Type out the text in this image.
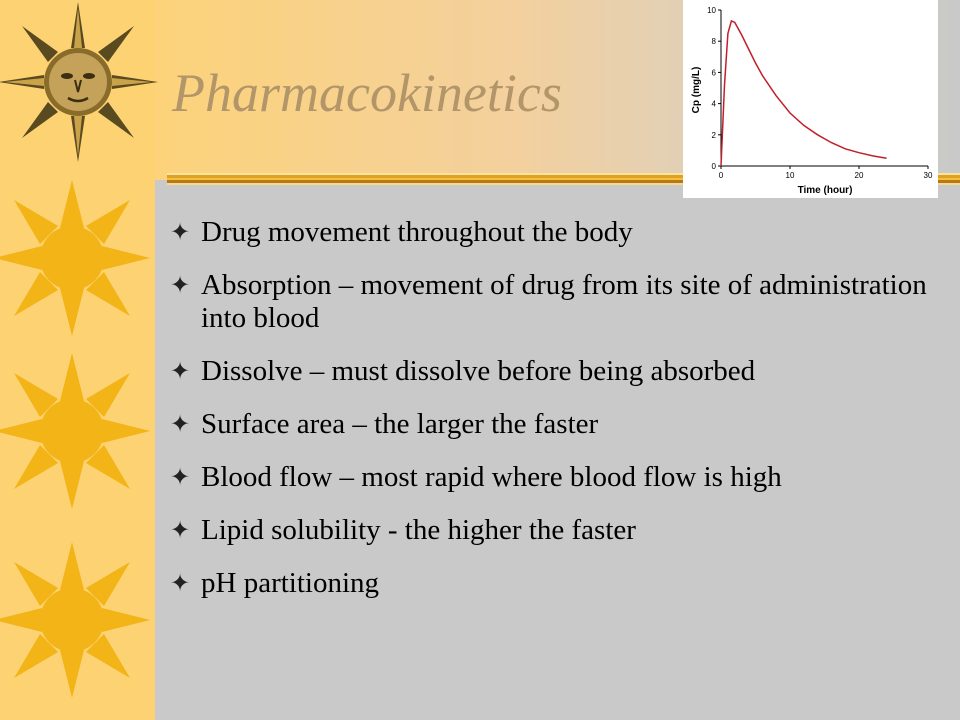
Pharmacokinetics
0
2
4
6
8
10
0	10	20	30
Cp (mg/L)
Time (hour)
✦ Drug movement throughout the body
✦ Absorption – movement of drug from its site of administration into blood
✦ Dissolve – must dissolve before being absorbed
✦ Surface area – the larger the faster
✦ Blood flow – most rapid where blood flow is high
✦ Lipid solubility - the higher the faster
✦ pH partitioning
